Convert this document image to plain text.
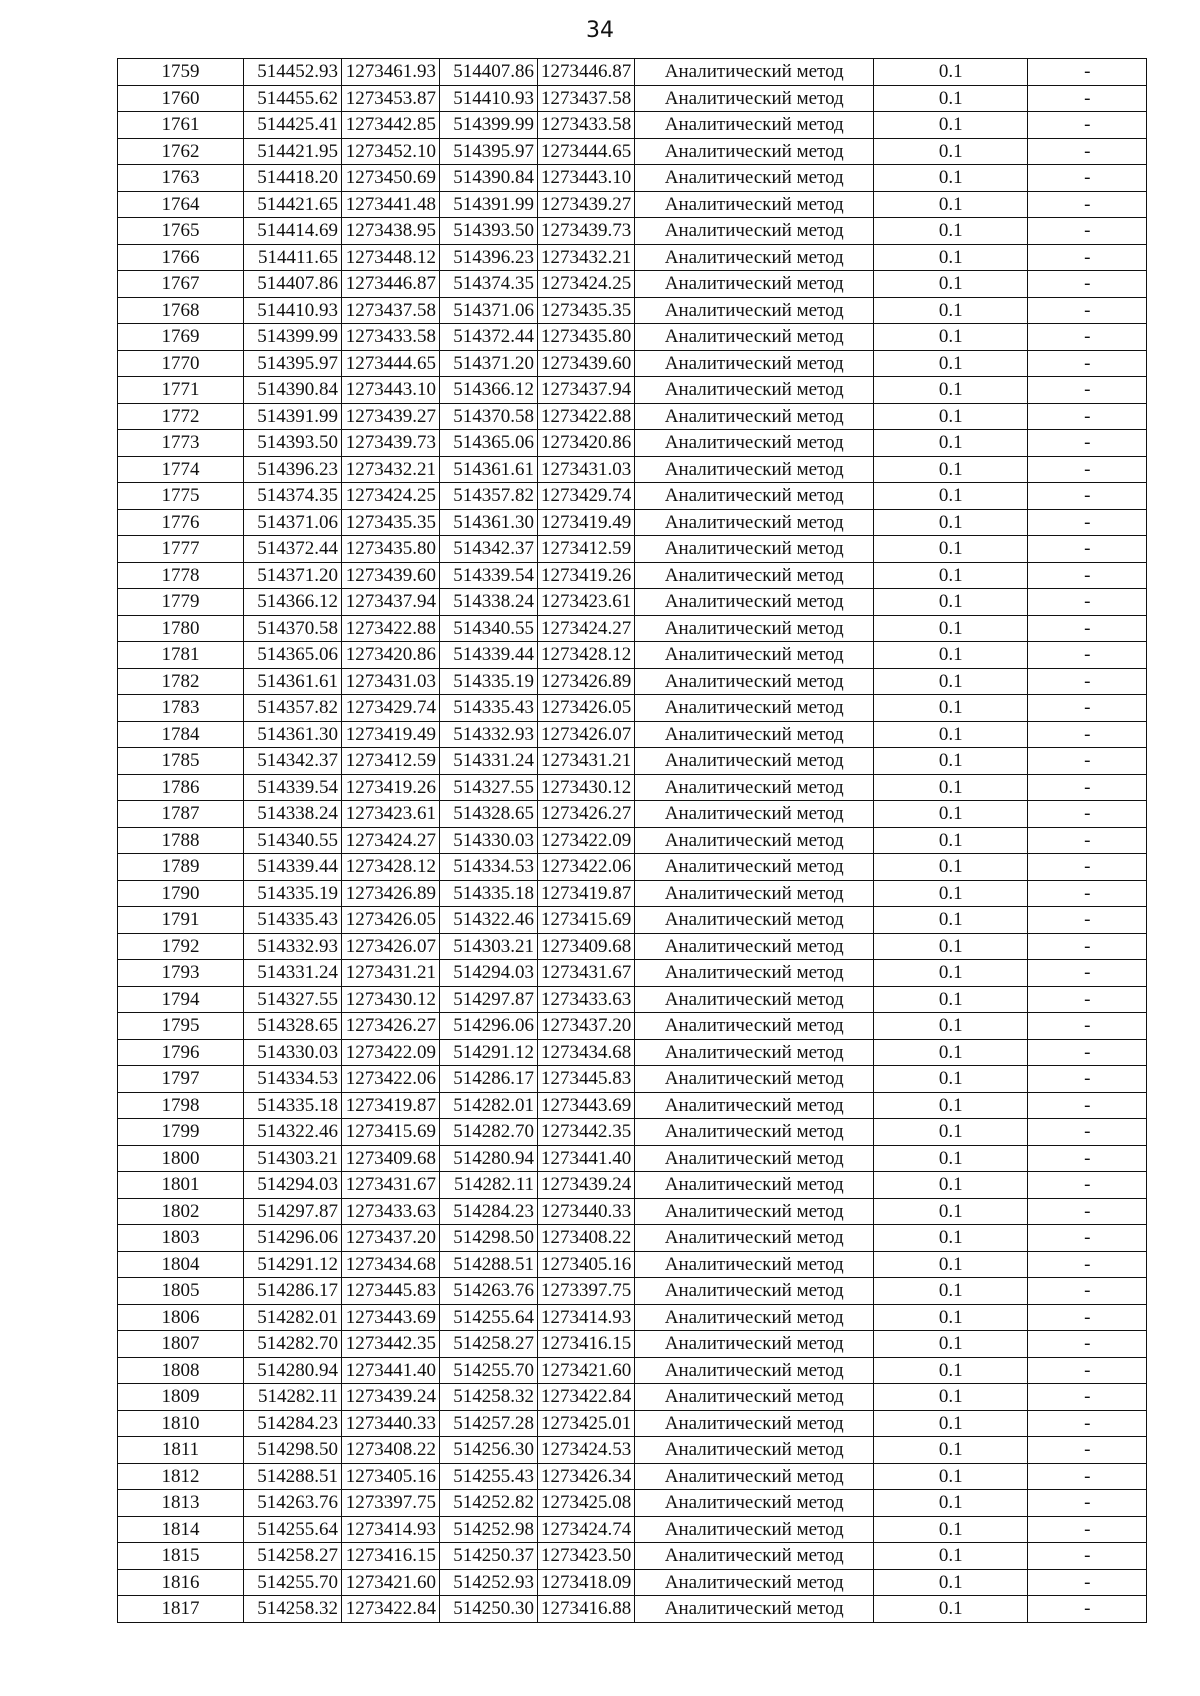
34
1759	514452.93	1273461.93	514407.86	1273446.87	Аналитический метод	0.1	-
1760	514455.62	1273453.87	514410.93	1273437.58	Аналитический метод	0.1	-
1761	514425.41	1273442.85	514399.99	1273433.58	Аналитический метод	0.1	-
1762	514421.95	1273452.10	514395.97	1273444.65	Аналитический метод	0.1	-
1763	514418.20	1273450.69	514390.84	1273443.10	Аналитический метод	0.1	-
1764	514421.65	1273441.48	514391.99	1273439.27	Аналитический метод	0.1	-
1765	514414.69	1273438.95	514393.50	1273439.73	Аналитический метод	0.1	-
1766	514411.65	1273448.12	514396.23	1273432.21	Аналитический метод	0.1	-
1767	514407.86	1273446.87	514374.35	1273424.25	Аналитический метод	0.1	-
1768	514410.93	1273437.58	514371.06	1273435.35	Аналитический метод	0.1	-
1769	514399.99	1273433.58	514372.44	1273435.80	Аналитический метод	0.1	-
1770	514395.97	1273444.65	514371.20	1273439.60	Аналитический метод	0.1	-
1771	514390.84	1273443.10	514366.12	1273437.94	Аналитический метод	0.1	-
1772	514391.99	1273439.27	514370.58	1273422.88	Аналитический метод	0.1	-
1773	514393.50	1273439.73	514365.06	1273420.86	Аналитический метод	0.1	-
1774	514396.23	1273432.21	514361.61	1273431.03	Аналитический метод	0.1	-
1775	514374.35	1273424.25	514357.82	1273429.74	Аналитический метод	0.1	-
1776	514371.06	1273435.35	514361.30	1273419.49	Аналитический метод	0.1	-
1777	514372.44	1273435.80	514342.37	1273412.59	Аналитический метод	0.1	-
1778	514371.20	1273439.60	514339.54	1273419.26	Аналитический метод	0.1	-
1779	514366.12	1273437.94	514338.24	1273423.61	Аналитический метод	0.1	-
1780	514370.58	1273422.88	514340.55	1273424.27	Аналитический метод	0.1	-
1781	514365.06	1273420.86	514339.44	1273428.12	Аналитический метод	0.1	-
1782	514361.61	1273431.03	514335.19	1273426.89	Аналитический метод	0.1	-
1783	514357.82	1273429.74	514335.43	1273426.05	Аналитический метод	0.1	-
1784	514361.30	1273419.49	514332.93	1273426.07	Аналитический метод	0.1	-
1785	514342.37	1273412.59	514331.24	1273431.21	Аналитический метод	0.1	-
1786	514339.54	1273419.26	514327.55	1273430.12	Аналитический метод	0.1	-
1787	514338.24	1273423.61	514328.65	1273426.27	Аналитический метод	0.1	-
1788	514340.55	1273424.27	514330.03	1273422.09	Аналитический метод	0.1	-
1789	514339.44	1273428.12	514334.53	1273422.06	Аналитический метод	0.1	-
1790	514335.19	1273426.89	514335.18	1273419.87	Аналитический метод	0.1	-
1791	514335.43	1273426.05	514322.46	1273415.69	Аналитический метод	0.1	-
1792	514332.93	1273426.07	514303.21	1273409.68	Аналитический метод	0.1	-
1793	514331.24	1273431.21	514294.03	1273431.67	Аналитический метод	0.1	-
1794	514327.55	1273430.12	514297.87	1273433.63	Аналитический метод	0.1	-
1795	514328.65	1273426.27	514296.06	1273437.20	Аналитический метод	0.1	-
1796	514330.03	1273422.09	514291.12	1273434.68	Аналитический метод	0.1	-
1797	514334.53	1273422.06	514286.17	1273445.83	Аналитический метод	0.1	-
1798	514335.18	1273419.87	514282.01	1273443.69	Аналитический метод	0.1	-
1799	514322.46	1273415.69	514282.70	1273442.35	Аналитический метод	0.1	-
1800	514303.21	1273409.68	514280.94	1273441.40	Аналитический метод	0.1	-
1801	514294.03	1273431.67	514282.11	1273439.24	Аналитический метод	0.1	-
1802	514297.87	1273433.63	514284.23	1273440.33	Аналитический метод	0.1	-
1803	514296.06	1273437.20	514298.50	1273408.22	Аналитический метод	0.1	-
1804	514291.12	1273434.68	514288.51	1273405.16	Аналитический метод	0.1	-
1805	514286.17	1273445.83	514263.76	1273397.75	Аналитический метод	0.1	-
1806	514282.01	1273443.69	514255.64	1273414.93	Аналитический метод	0.1	-
1807	514282.70	1273442.35	514258.27	1273416.15	Аналитический метод	0.1	-
1808	514280.94	1273441.40	514255.70	1273421.60	Аналитический метод	0.1	-
1809	514282.11	1273439.24	514258.32	1273422.84	Аналитический метод	0.1	-
1810	514284.23	1273440.33	514257.28	1273425.01	Аналитический метод	0.1	-
1811	514298.50	1273408.22	514256.30	1273424.53	Аналитический метод	0.1	-
1812	514288.51	1273405.16	514255.43	1273426.34	Аналитический метод	0.1	-
1813	514263.76	1273397.75	514252.82	1273425.08	Аналитический метод	0.1	-
1814	514255.64	1273414.93	514252.98	1273424.74	Аналитический метод	0.1	-
1815	514258.27	1273416.15	514250.37	1273423.50	Аналитический метод	0.1	-
1816	514255.70	1273421.60	514252.93	1273418.09	Аналитический метод	0.1	-
1817	514258.32	1273422.84	514250.30	1273416.88	Аналитический метод	0.1	-
